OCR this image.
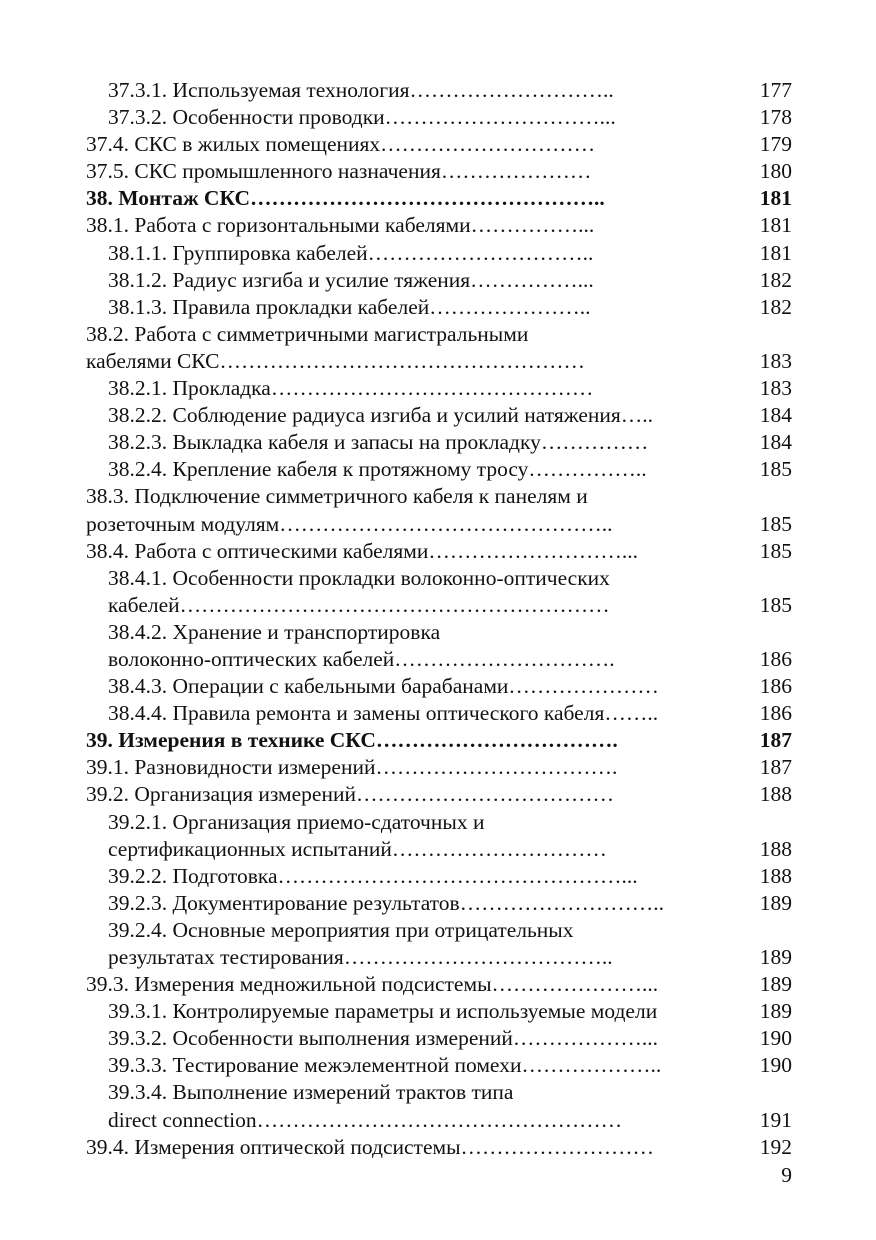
37.3.1. Используемая технология………………………..	177
37.3.2. Особенности проводки…………………………...	178
37.4. СКС в жилых помещениях…………………………	179
37.5. СКС промышленного назначения…………………	180
38. Монтаж СКС…………………………………………..	181
38.1. Работа с горизонтальными кабелями……………...	181
38.1.1. Группировка кабелей…………………………..	181
38.1.2. Радиус изгиба и усилие тяжения……………...	182
38.1.3. Правила прокладки кабелей…………………..	182
38.2. Работа с симметричными магистральными
кабелями СКС……………………………………………	183
38.2.1. Прокладка………………………………………	183
38.2.2. Соблюдение радиуса изгиба и усилий натяжения…..	184
38.2.3. Выкладка кабеля и запасы на прокладку……………	184
38.2.4. Крепление кабеля к протяжному тросу……………..	185
38.3. Подключение симметричного кабеля к панелям и
розеточным модулям………………………………………..	185
38.4. Работа с оптическими кабелями………………………...	185
38.4.1. Особенности прокладки волоконно-оптических
кабелей……………………………………………………	185
38.4.2. Хранение и транспортировка
волоконно-оптических кабелей………………………….	186
38.4.3. Операции с кабельными барабанами…………………	186
38.4.4. Правила ремонта и замены оптического кабеля……..	186
39. Измерения в технике СКС…………………………….	187
39.1. Разновидности измерений…………………………….	187
39.2. Организация измерений………………………………	188
39.2.1. Организация приемо-сдаточных и
сертификационных испытаний…………………………	188
39.2.2. Подготовка…………………………………………...	188
39.2.3. Документирование результатов………………………..	189
39.2.4. Основные мероприятия при отрицательных
результатах тестирования………………………………..	189
39.3. Измерения медножильной подсистемы…………………...	189
39.3.1. Контролируемые параметры и используемые модели	189
39.3.2. Особенности выполнения измерений………………...	190
39.3.3. Тестирование межэлементной помехи………………..	190
39.3.4. Выполнение измерений трактов типа
direct connection……………………………………………	191
39.4. Измерения оптической подсистемы………………………	192
9
